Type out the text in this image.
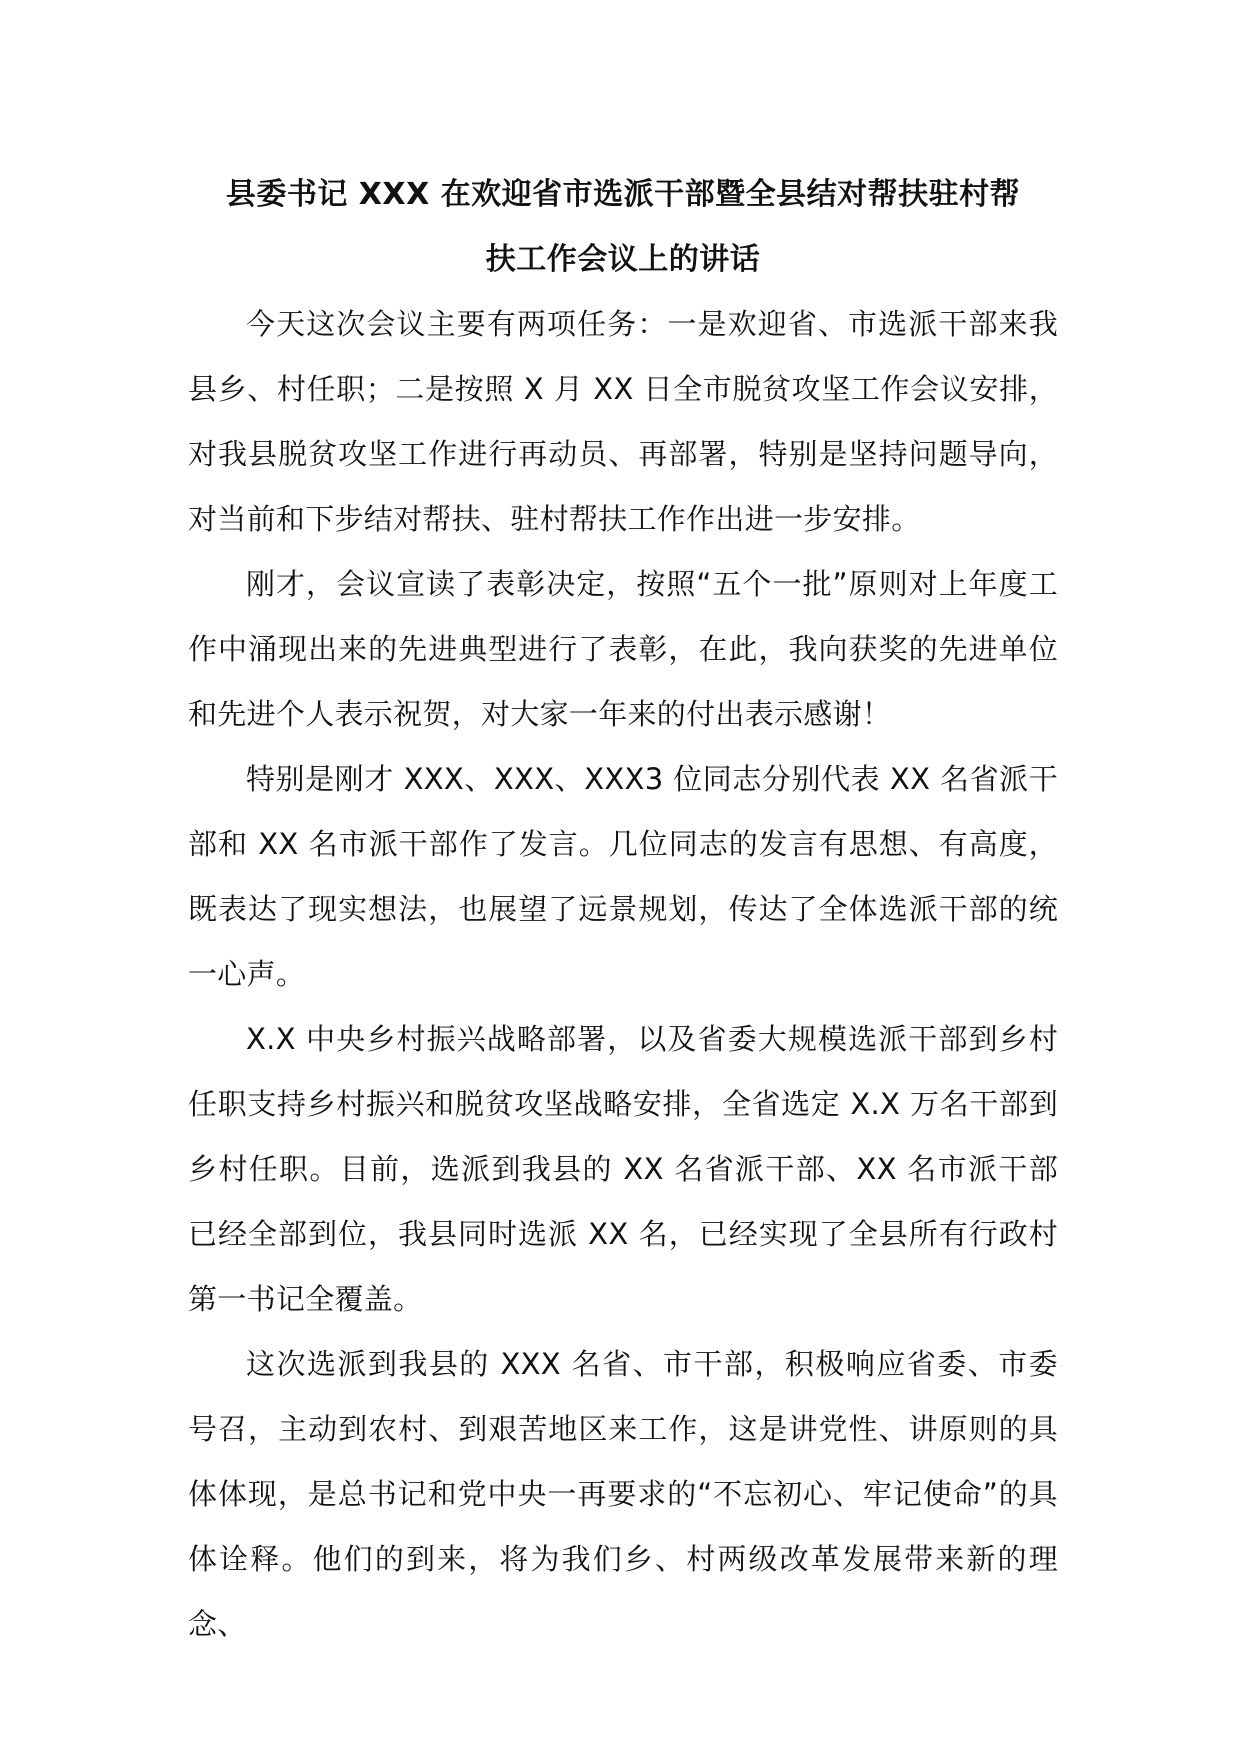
县委书记 XXX 在欢迎省市选派干部暨全县结对帮扶驻村帮
扶工作会议上的讲话

今天这次会议主要有两项任务：一是欢迎省、市选派干部来我县乡、村任职；二是按照 X 月 XX 日全市脱贫攻坚工作会议安排，对我县脱贫攻坚工作进行再动员、再部署，特别是坚持问题导向，对当前和下步结对帮扶、驻村帮扶工作作出进一步安排。

刚才，会议宣读了表彰决定，按照“五个一批”原则对上年度工作中涌现出来的先进典型进行了表彰，在此，我向获奖的先进单位和先进个人表示祝贺，对大家一年来的付出表示感谢！

特别是刚才 XXX、XXX、XXX3 位同志分别代表 XX 名省派干部和 XX 名市派干部作了发言。几位同志的发言有思想、有高度，既表达了现实想法，也展望了远景规划，传达了全体选派干部的统一心声。

X.X 中央乡村振兴战略部署，以及省委大规模选派干部到乡村任职支持乡村振兴和脱贫攻坚战略安排，全省选定 X.X 万名干部到乡村任职。目前，选派到我县的 XX 名省派干部、XX 名市派干部已经全部到位，我县同时选派 XX 名，已经实现了全县所有行政村第一书记全覆盖。

这次选派到我县的 XXX 名省、市干部，积极响应省委、市委号召，主动到农村、到艰苦地区来工作，这是讲党性、讲原则的具体体现，是总书记和党中央一再要求的“不忘初心、牢记使命”的具体诠释。他们的到来，将为我们乡、村两级改革发展带来新的理念、
